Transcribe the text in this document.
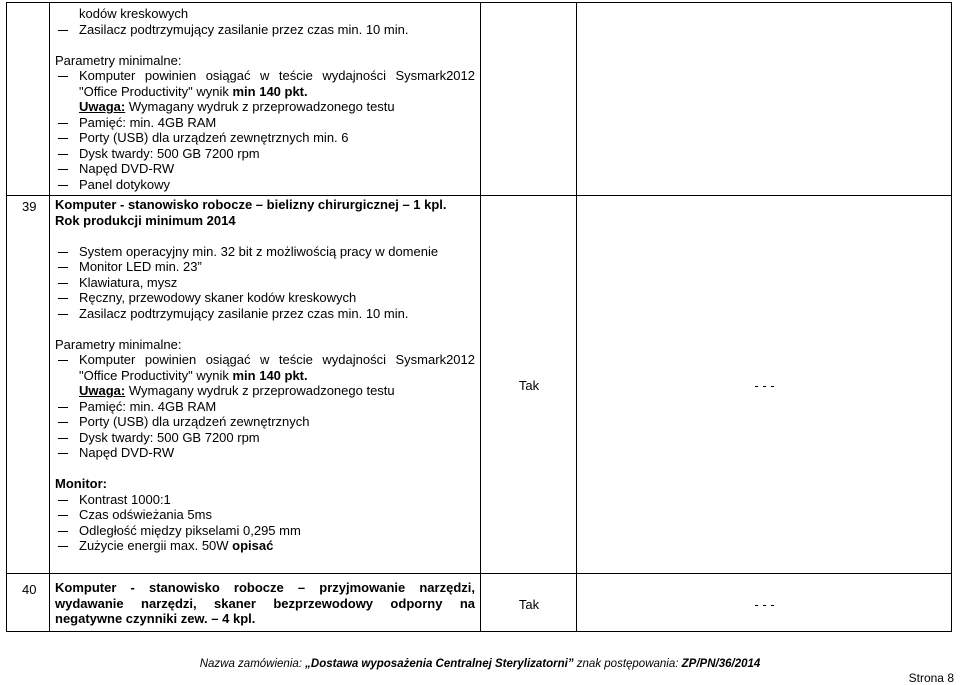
kodów kreskowych

Zasilacz podtrzymujący zasilanie przez czas min. 10 min.

Parametry minimalne:

Komputer powinien osiągać w teście wydajności Sysmark2012

"Office Productivity" wynik min 140 pkt.

Uwaga: Wymagany wydruk z przeprowadzonego testu

Pamięć: min. 4GB RAM

Porty (USB) dla urządzeń zewnętrznych min. 6

Dysk twardy: 500 GB 7200 rpm

Napęd DVD-RW

Panel dotykowy

39 Komputer - stanowisko robocze – bielizny chirurgicznej – 1 kpl.

Rok produkcji minimum 2014

System operacyjny min. 32 bit z możliwością pracy w domenie

Monitor LED min. 23”

Klawiatura, mysz

Ręczny, przewodowy skaner kodów kreskowych

Zasilacz podtrzymujący zasilanie przez czas min. 10 min.

Parametry minimalne:

Komputer powinien osiągać w teście wydajności Sysmark2012

"Office Productivity" wynik min 140 pkt.

Uwaga: Wymagany wydruk z przeprowadzonego testu

Pamięć: min. 4GB RAM

Porty (USB) dla urządzeń zewnętrznych

Dysk twardy: 500 GB 7200 rpm

Napęd DVD-RW

Monitor:

Kontrast 1000:1

Czas odświeżania 5ms

Odległość między pikselami 0,295 mm

Zużycie energii max. 50W opisać

Tak	- - -
40 Komputer - stanowisko robocze – przyjmowanie narzędzi,

wydawanie narzędzi, skaner bezprzewodowy odporny na

negatywne czynniki zew. – 4 kpl.

Tak	- - -
Nazwa zamówienia: „Dostawa wyposażenia Centralnej Sterylizatorni” znak postępowania: ZP/PN/36/2014
Strona 8
